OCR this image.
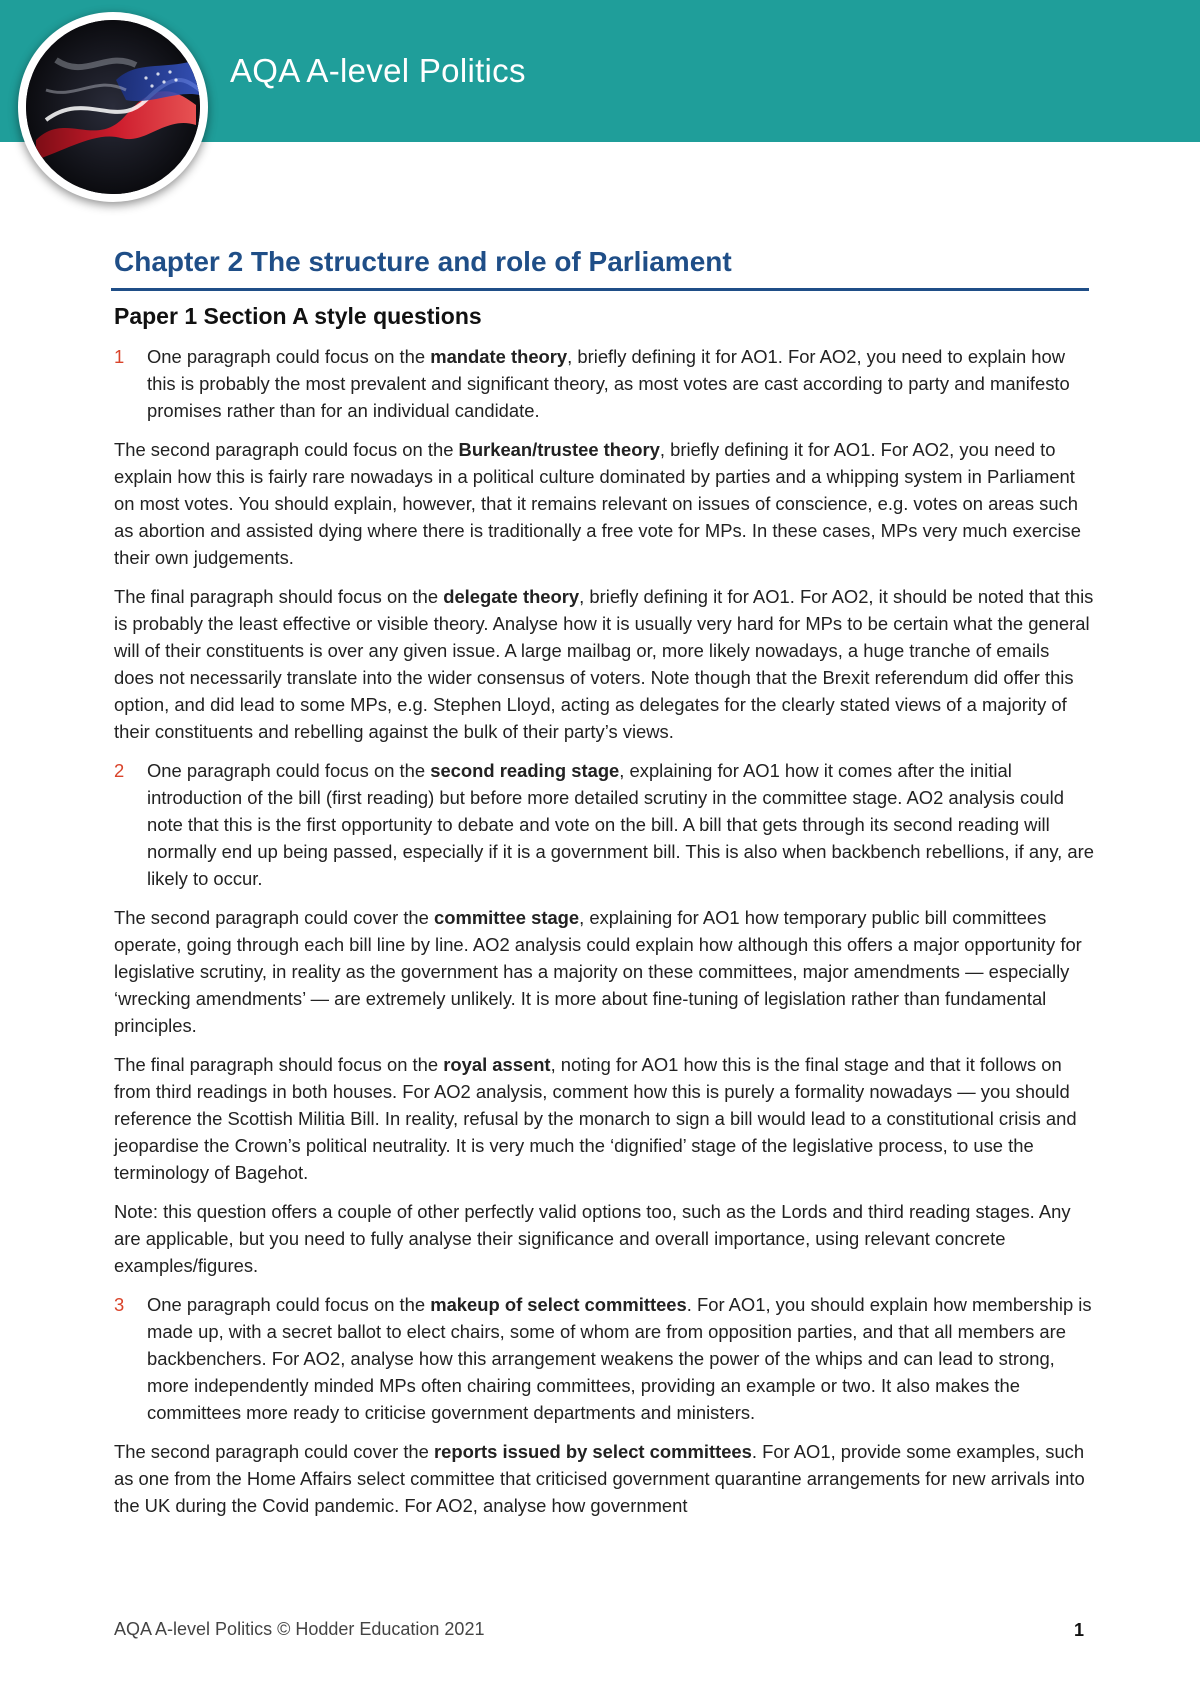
AQA A-level Politics
Chapter 2 The structure and role of Parliament
Paper 1 Section A style questions
1	One paragraph could focus on the mandate theory, briefly defining it for AO1. For AO2, you need to explain how this is probably the most prevalent and significant theory, as most votes are cast according to party and manifesto promises rather than for an individual candidate.

The second paragraph could focus on the Burkean/trustee theory, briefly defining it for AO1. For AO2, you need to explain how this is fairly rare nowadays in a political culture dominated by parties and a whipping system in Parliament on most votes. You should explain, however, that it remains relevant on issues of conscience, e.g. votes on areas such as abortion and assisted dying where there is traditionally a free vote for MPs. In these cases, MPs very much exercise their own judgements.

The final paragraph should focus on the delegate theory, briefly defining it for AO1. For AO2, it should be noted that this is probably the least effective or visible theory. Analyse how it is usually very hard for MPs to be certain what the general will of their constituents is over any given issue. A large mailbag or, more likely nowadays, a huge tranche of emails does not necessarily translate into the wider consensus of voters. Note though that the Brexit referendum did offer this option, and did lead to some MPs, e.g. Stephen Lloyd, acting as delegates for the clearly stated views of a majority of their constituents and rebelling against the bulk of their party’s views.

2	One paragraph could focus on the second reading stage, explaining for AO1 how it comes after the initial introduction of the bill (first reading) but before more detailed scrutiny in the committee stage. AO2 analysis could note that this is the first opportunity to debate and vote on the bill. A bill that gets through its second reading will normally end up being passed, especially if it is a government bill. This is also when backbench rebellions, if any, are likely to occur.

The second paragraph could cover the committee stage, explaining for AO1 how temporary public bill committees operate, going through each bill line by line. AO2 analysis could explain how although this offers a major opportunity for legislative scrutiny, in reality as the government has a majority on these committees, major amendments — especially ‘wrecking amendments’ — are extremely unlikely. It is more about fine-tuning of legislation rather than fundamental principles.

The final paragraph should focus on the royal assent, noting for AO1 how this is the final stage and that it follows on from third readings in both houses. For AO2 analysis, comment how this is purely a formality nowadays — you should reference the Scottish Militia Bill. In reality, refusal by the monarch to sign a bill would lead to a constitutional crisis and jeopardise the Crown’s political neutrality. It is very much the ‘dignified’ stage of the legislative process, to use the terminology of Bagehot.

Note: this question offers a couple of other perfectly valid options too, such as the Lords and third reading stages. Any are applicable, but you need to fully analyse their significance and overall importance, using relevant concrete examples/figures.

3	One paragraph could focus on the makeup of select committees. For AO1, you should explain how membership is made up, with a secret ballot to elect chairs, some of whom are from opposition parties, and that all members are backbenchers. For AO2, analyse how this arrangement weakens the power of the whips and can lead to strong, more independently minded MPs often chairing committees, providing an example or two. It also makes the committees more ready to criticise government departments and ministers.

The second paragraph could cover the reports issued by select committees. For AO1, provide some examples, such as one from the Home Affairs select committee that criticised government quarantine arrangements for new arrivals into the UK during the Covid pandemic. For AO2, analyse how government

AQA A-level Politics © Hodder Education 2021	1
